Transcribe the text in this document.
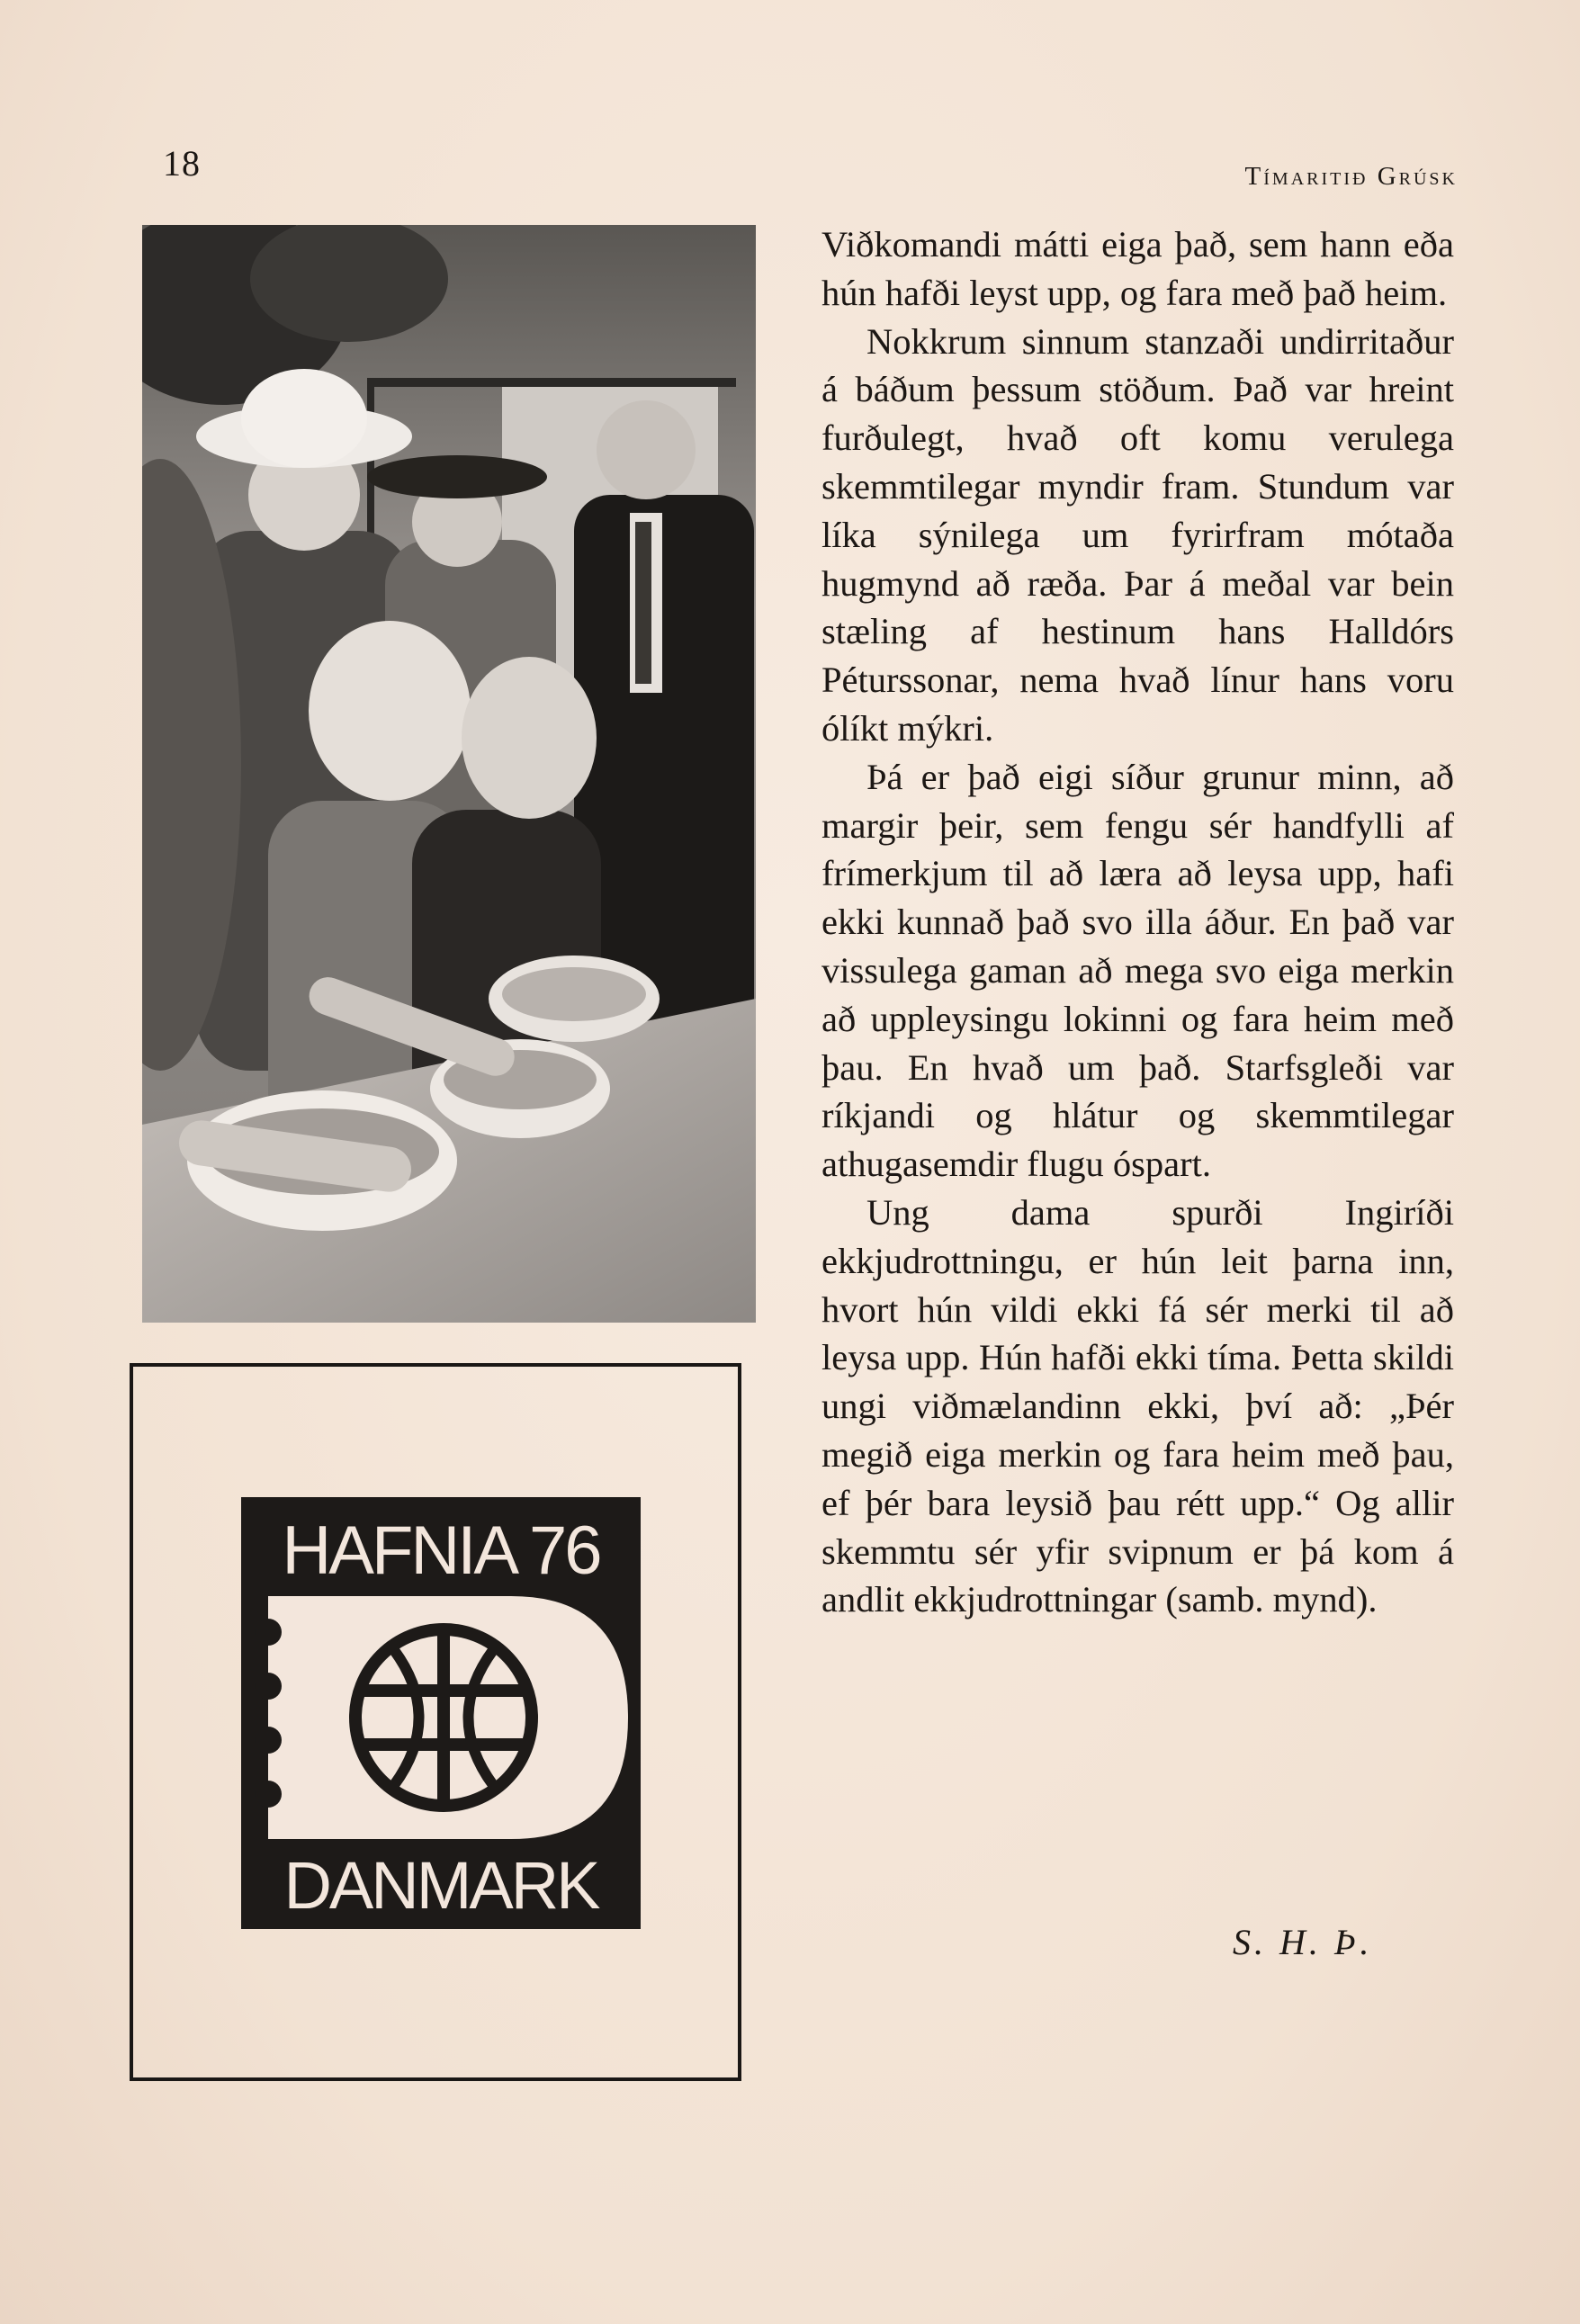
18	Tímaritið Grúsk
HAFNIA 76
DANMARK

Viðkomandi mátti eiga það, sem hann eða hún hafði leyst upp, og fara með það heim.

Nokkrum sinnum stanzaði undirritaður á báðum þessum stöðum. Það var hreint furðulegt, hvað oft komu verulega skemmtilegar myndir fram. Stundum var líka sýnilega um fyrirfram mótaða hugmynd að ræða. Þar á meðal var bein stæling af hestinum hans Halldórs Péturssonar, nema hvað línur hans voru ólíkt mýkri.

Þá er það eigi síður grunur minn, að margir þeir, sem fengu sér handfylli af frímerkjum til að læra að leysa upp, hafi ekki kunnað það svo illa áður. En það var vissulega gaman að mega svo eiga merkin að uppleysingu lokinni og fara heim með þau. En hvað um það. Starfsgleði var ríkjandi og hlátur og skemmtilegar athugasemdir flugu óspart.

Ung dama spurði Ingiríði ekkjudrottningu, er hún leit þarna inn, hvort hún vildi ekki fá sér merki til að leysa upp. Hún hafði ekki tíma. Þetta skildi ungi viðmælandinn ekki, því að: „Þér megið eiga merkin og fara heim með þau, ef þér bara leysið þau rétt upp.“ Og allir skemmtu sér yfir svipnum er þá kom á andlit ekkjudrottningar (samb. mynd).

S. H. Þ.
